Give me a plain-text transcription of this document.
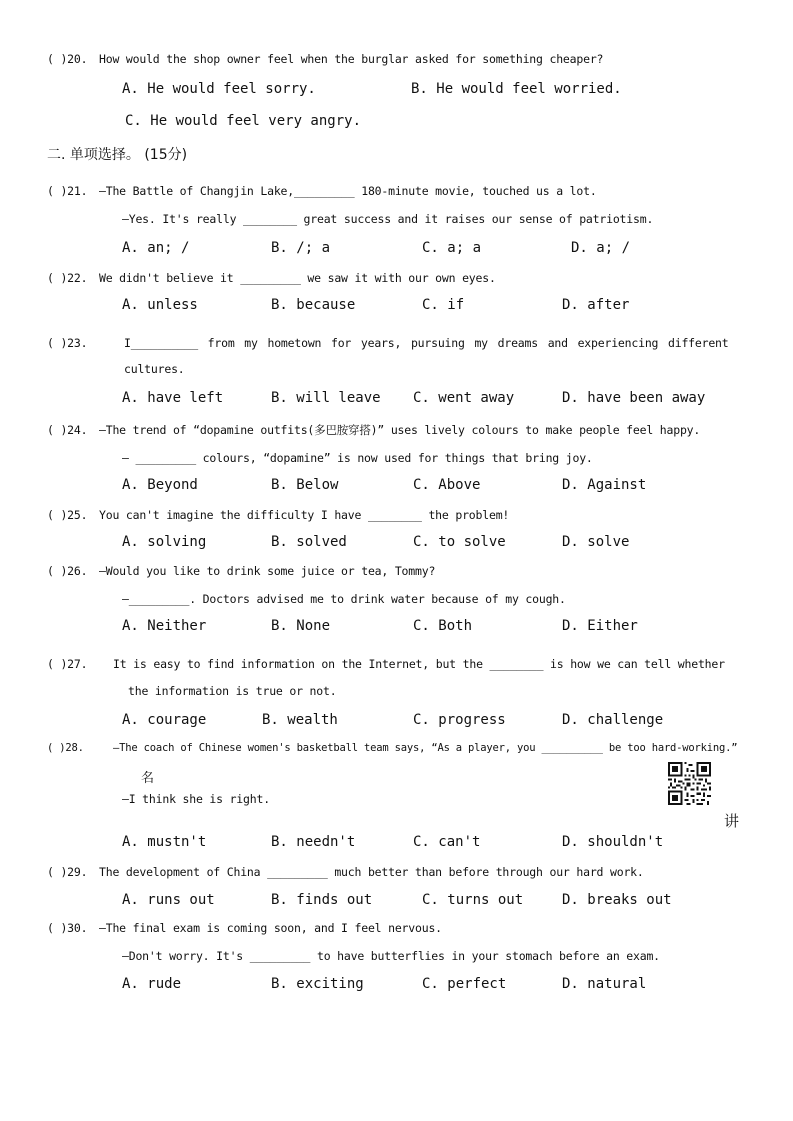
( )20. How would the shop owner feel when the burglar asked for something cheaper?
A. He would feel sorry.	B. He would feel worried.
C. He would feel very angry.
二. 单项选择。 (15分)
( )21. —The Battle of Changjin Lake,_________ 180-minute movie, touched us a lot.
—Yes. It's really ________ great success and it raises our sense of patriotism.
A. an; /	B. /; a	C. a; a	D. a; /
( )22. We didn't believe it _________ we saw it with our own eyes.
A. unless	B. because	C. if	D. after
( )23.	I__________ from my hometown for years, pursuing my dreams and experiencing different
cultures.
A. have left	B. will leave C. went away	D. have been away
( )24. —The trend of “dopamine outfits(多巴胺穿搭)” uses lively colours to make people feel happy.
— _________ colours, “dopamine” is now used for things that bring joy.
A. Beyond	B. Below	C. Above	D. Against
( )25. You can't imagine the difficulty I have ________ the problem!
A. solving	B. solved	C. to solve	D. solve
( )26. —Would you like to drink some juice or tea, Tommy?
—_________. Doctors advised me to drink water because of my cough.
A. Neither	B. None	C. Both	D. Either
( )27. It is easy to find information on the Internet, but the ________ is how we can tell whether
the information is true or not.
A. courage	B. wealth	C. progress	D. challenge
( )28.	—The coach of Chinese women's basketball team says, “As a player, you __________ be too hard-working.”
名
—I think she is right.
讲
A. mustn't	B. needn't	C. can't	D. shouldn't
( )29. The development of China _________ much better than before through our hard work.
A. runs out	B. finds out	C. turns out	D. breaks out
( )30. —The final exam is coming soon, and I feel nervous.
—Don't worry. It's _________ to have butterflies in your stomach before an exam.
A. rude	B. exciting	C. perfect	D. natural
